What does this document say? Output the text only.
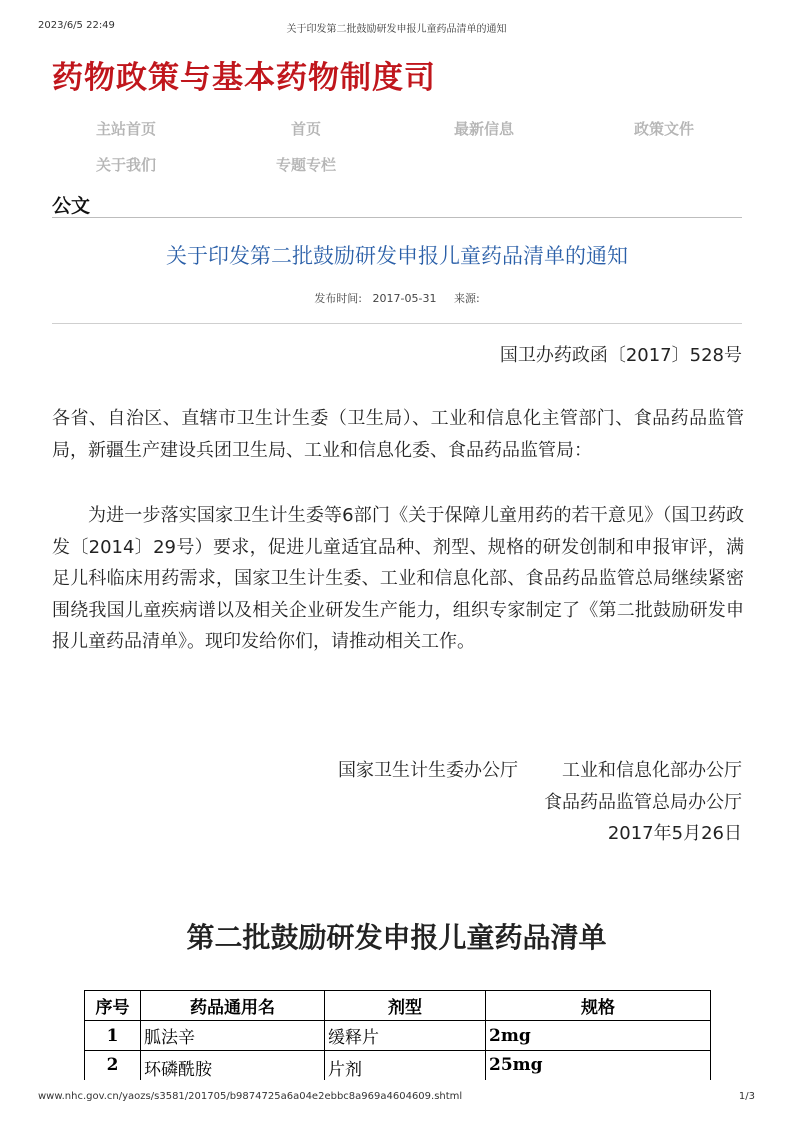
2023/6/5 22:49	关于印发第二批鼓励研发申报儿童药品清单的通知
药物政策与基本药物制度司
主站首页	首页	最新信息	政策文件
关于我们	专题专栏
公文
关于印发第二批鼓励研发申报儿童药品清单的通知
发布时间: 2017-05-31 来源:
国卫办药政函〔2017〕528号

各省、自治区、直辖市卫生计生委（卫生局）、工业和信息化主管部门、食品药品监管局，新疆生产建设兵团卫生局、工业和信息化委、食品药品监管局：

为进一步落实国家卫生计生委等6部门《关于保障儿童用药的若干意见》（国卫药政发〔2014〕29号）要求，促进儿童适宜品种、剂型、规格的研发创制和申报审评，满足儿科临床用药需求，国家卫生计生委、工业和信息化部、食品药品监管总局继续紧密围绕我国儿童疾病谱以及相关企业研发生产能力，组织专家制定了《第二批鼓励研发申报儿童药品清单》。现印发给你们，请推动相关工作。

国家卫生计生委办公厅 工业和信息化部办公厅
食品药品监管总局办公厅
2017年5月26日
第二批鼓励研发申报儿童药品清单
序号	药品通用名	剂型	规格
1	胍法辛	缓释片	2mg
2	环磷酰胺	片剂	25mg
www.nhc.gov.cn/yaozs/s3581/201705/b9874725a6a04e2ebbc8a969a4604609.shtml	1/3
